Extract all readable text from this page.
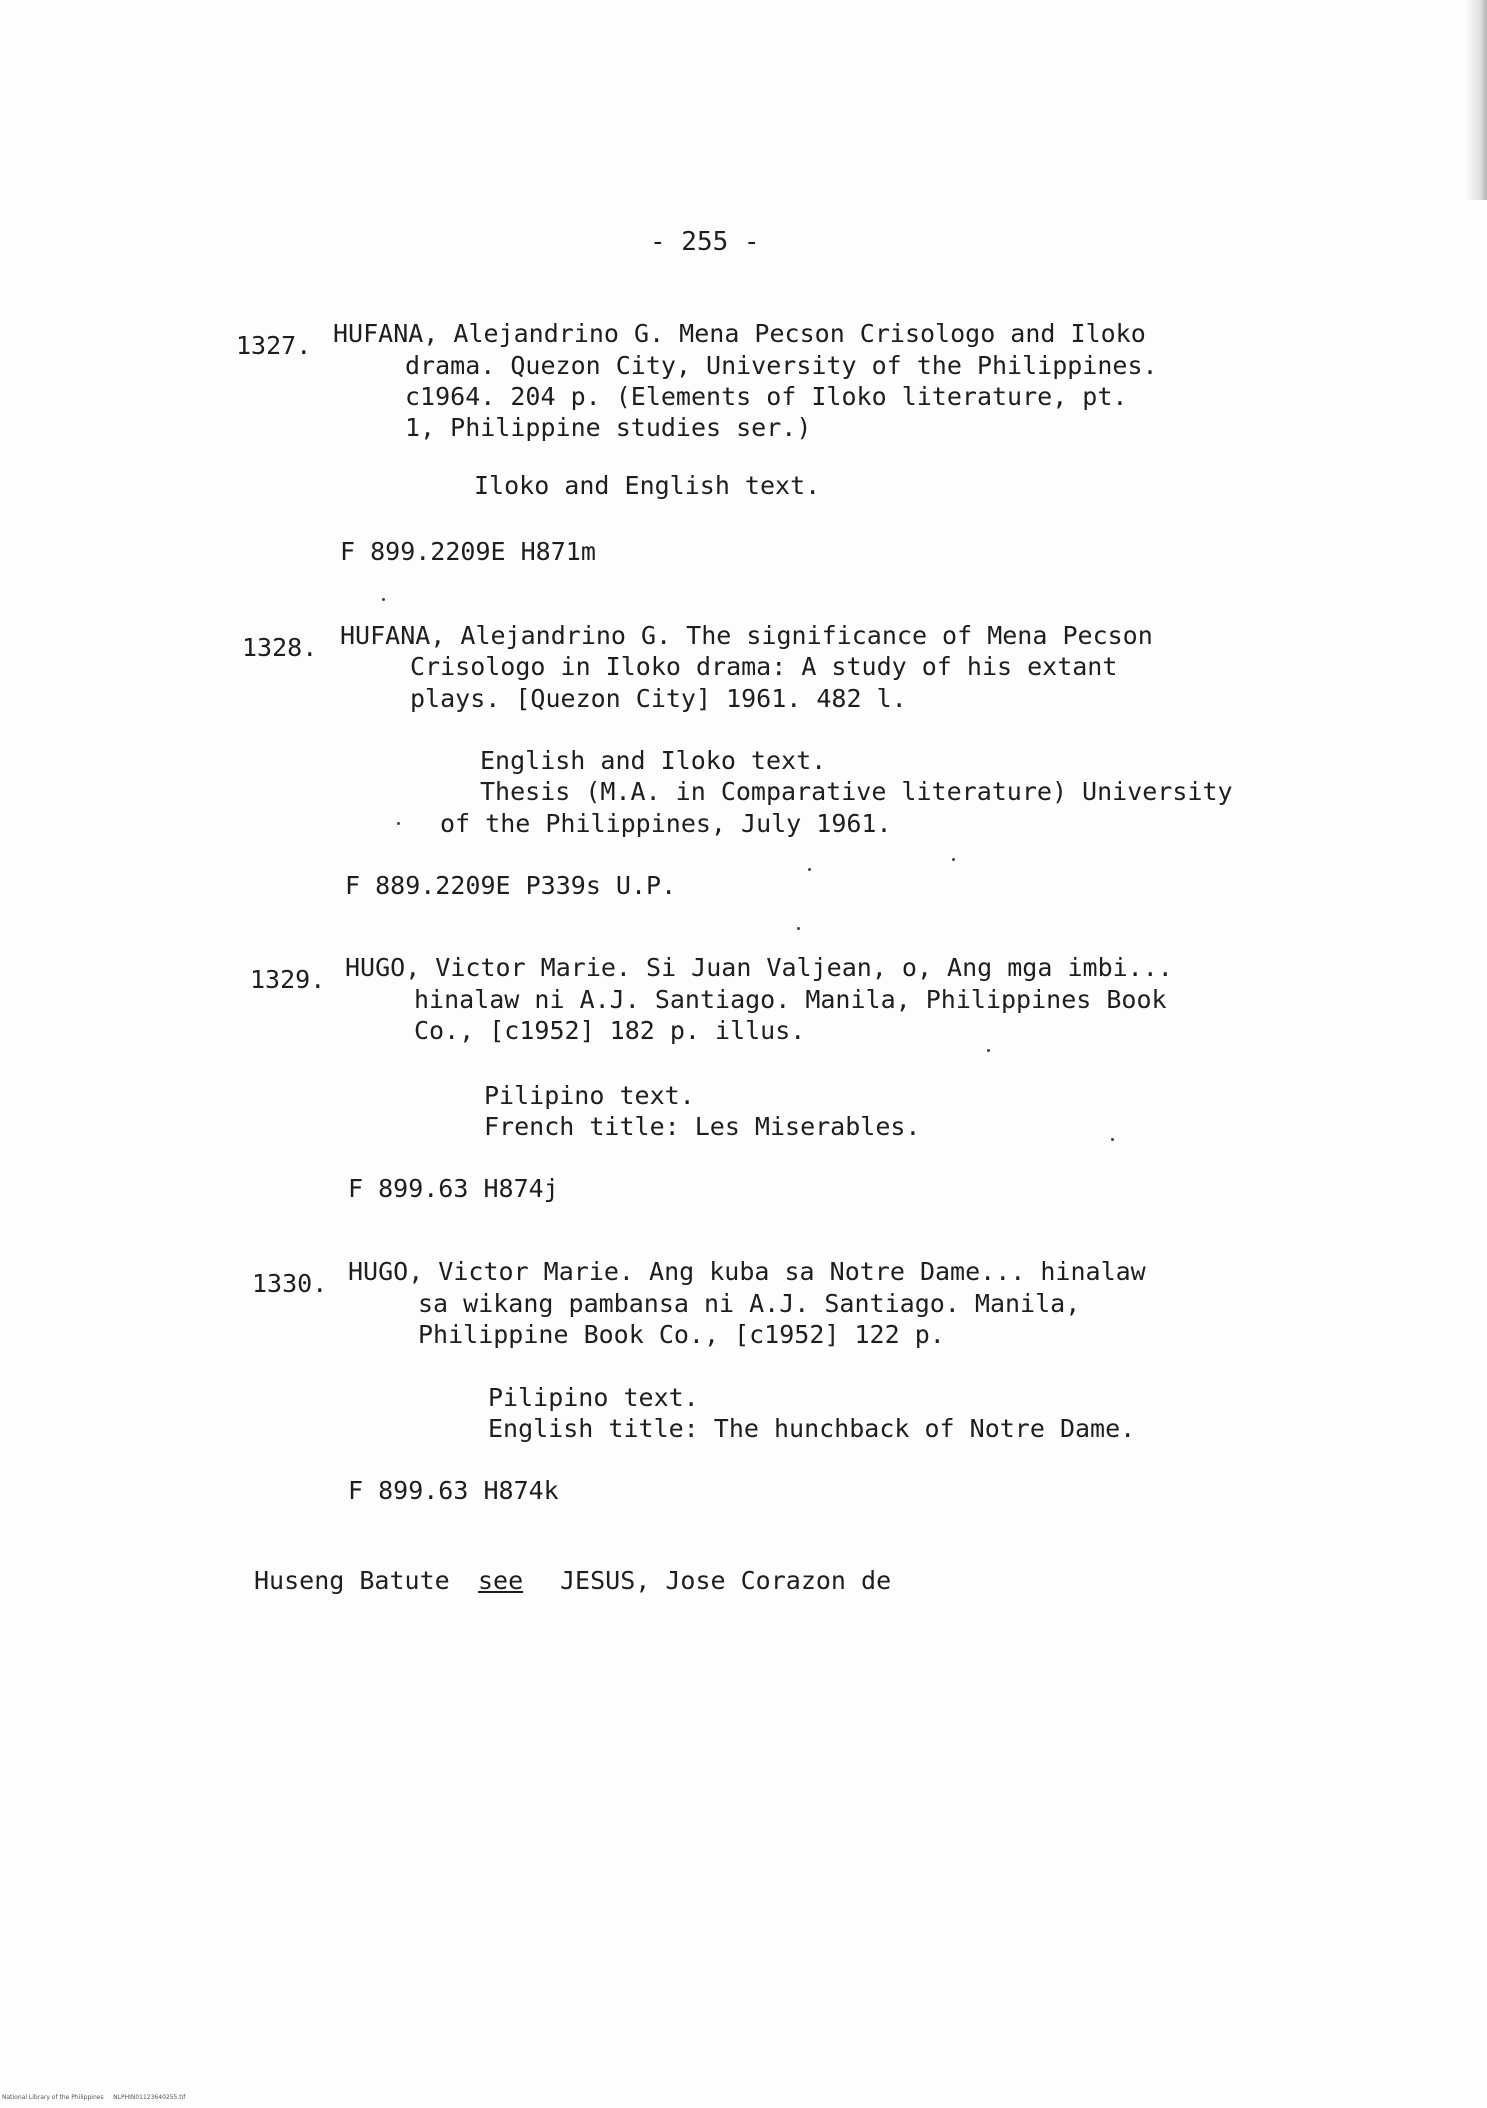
- 255 -
1327. HUFANA, Alejandrino G. Mena Pecson Crisologo and Iloko
drama. Quezon City, University of the Philippines.
c1964. 204 p. (Elements of Iloko literature, pt.
1, Philippine studies ser.)
Iloko and English text.
F 899.2209E H871m
1328. HUFANA, Alejandrino G. The significance of Mena Pecson
Crisologo in Iloko drama: A study of his extant
plays. [Quezon City] 1961. 482 l.
English and Iloko text.
Thesis (M.A. in Comparative literature) University
of the Philippines, July 1961.
F 889.2209E P339s U.P.
1329. HUGO, Victor Marie. Si Juan Valjean, o, Ang mga imbi...
hinalaw ni A.J. Santiago. Manila, Philippines Book
Co., [c1952] 182 p. illus.
Pilipino text.
French title: Les Miserables.
F 899.63 H874j
1330. HUGO, Victor Marie. Ang kuba sa Notre Dame... hinalaw
sa wikang pambansa ni A.J. Santiago. Manila,
Philippine Book Co., [c1952] 122 p.
Pilipino text.
English title: The hunchback of Notre Dame.
F 899.63 H874k
Huseng Batute see JESUS, Jose Corazon de
National Library of the Philippines NLPHIN01123640255.tif
